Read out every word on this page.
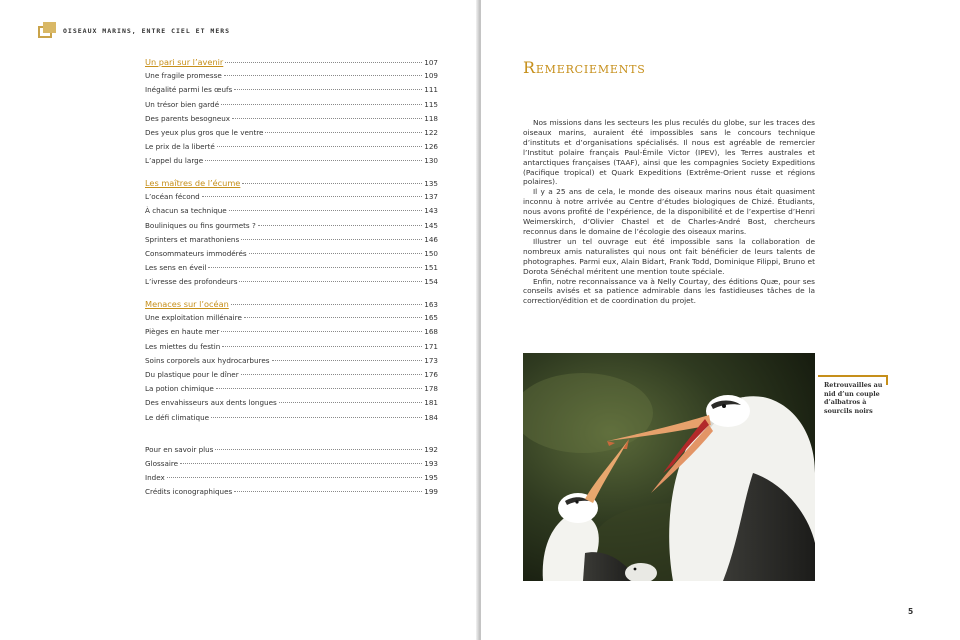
OISEAUX MARINS, ENTRE CIEL ET MERS
Un pari sur l’avenir	107
Une fragile promesse	109
Inégalité parmi les œufs	111
Un trésor bien gardé	115
Des parents besogneux	118
Des yeux plus gros que le ventre	122
Le prix de la liberté	126
L’appel du large	130
Les maîtres de l’écume	135
L’océan fécond	137
À chacun sa technique	143
Bouliniques ou fins gourmets ?	145
Sprinters et marathoniens	146
Consommateurs immodérés	150
Les sens en éveil	151
L’ivresse des profondeurs	154
Menaces sur l’océan	163
Une exploitation millénaire	165
Pièges en haute mer	168
Les miettes du festin	171
Soins corporels aux hydrocarbures	173
Du plastique pour le dîner	176
La potion chimique	178
Des envahisseurs aux dents longues	181
Le défi climatique	184
Pour en savoir plus	192
Glossaire	193
Index	195
Crédits iconographiques	199
Remerciements

Nos missions dans les secteurs les plus reculés du globe, sur les traces des oiseaux marins, auraient été impossibles sans le concours technique d’instituts et d’organisations spécialisés. Il nous est agréable de remercier l’Institut polaire français Paul-Émile Victor (IPEV), les Terres australes et antarctiques françaises (TAAF), ainsi que les compagnies Society Expeditions (Pacifique tropical) et Quark Expeditions (Extrême-Orient russe et régions polaires).

Il y a 25 ans de cela, le monde des oiseaux marins nous était quasiment inconnu à notre arrivée au Centre d’études biologiques de Chizé. Étudiants, nous avons profité de l’expérience, de la disponibilité et de l’expertise d’Henri Weimerskirch, d’Olivier Chastel et de Charles-André Bost, chercheurs reconnus dans le domaine de l’écologie des oiseaux marins.

Illustrer un tel ouvrage eut été impossible sans la collaboration de nombreux amis naturalistes qui nous ont fait bénéficier de leurs talents de photographes. Parmi eux, Alain Bidart, Frank Todd, Dominique Filippi, Bruno et Dorota Sénéchal méritent une mention toute spéciale.

Enfin, notre reconnaissance va à Nelly Courtay, des éditions Quæ, pour ses conseils avisés et sa patience admirable dans les fastidieuses tâches de la correction/édition et de coordination du projet.

Retrouvailles au nid d’un couple d’albatros à sourcils noirs
5
